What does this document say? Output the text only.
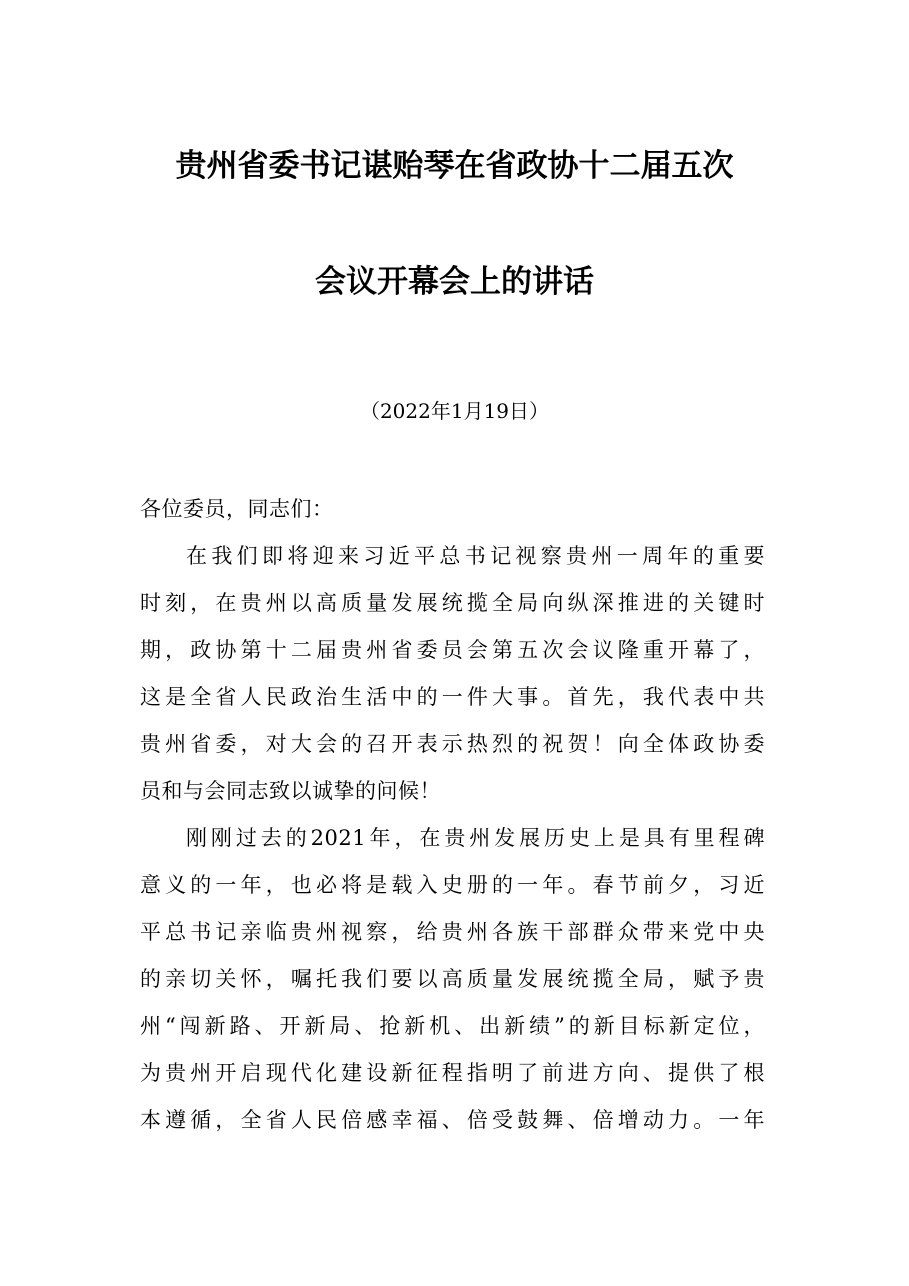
贵州省委书记谌贻琴在省政协十二届五次
会议开幕会上的讲话
（2022年1月19日）
各位委员，同志们：
在我们即将迎来习近平总书记视察贵州一周年的重要
时刻，在贵州以高质量发展统揽全局向纵深推进的关键时
期，政协第十二届贵州省委员会第五次会议隆重开幕了，
这是全省人民政治生活中的一件大事。首先，我代表中共
贵州省委，对大会的召开表示热烈的祝贺！向全体政协委
员和与会同志致以诚挚的问候！
刚刚过去的2021年，在贵州发展历史上是具有里程碑
意义的一年，也必将是载入史册的一年。春节前夕，习近
平总书记亲临贵州视察，给贵州各族干部群众带来党中央
的亲切关怀，嘱托我们要以高质量发展统揽全局，赋予贵
州“闯新路、开新局、抢新机、出新绩”的新目标新定位，
为贵州开启现代化建设新征程指明了前进方向、提供了根
本遵循，全省人民倍感幸福、倍受鼓舞、倍增动力。一年
